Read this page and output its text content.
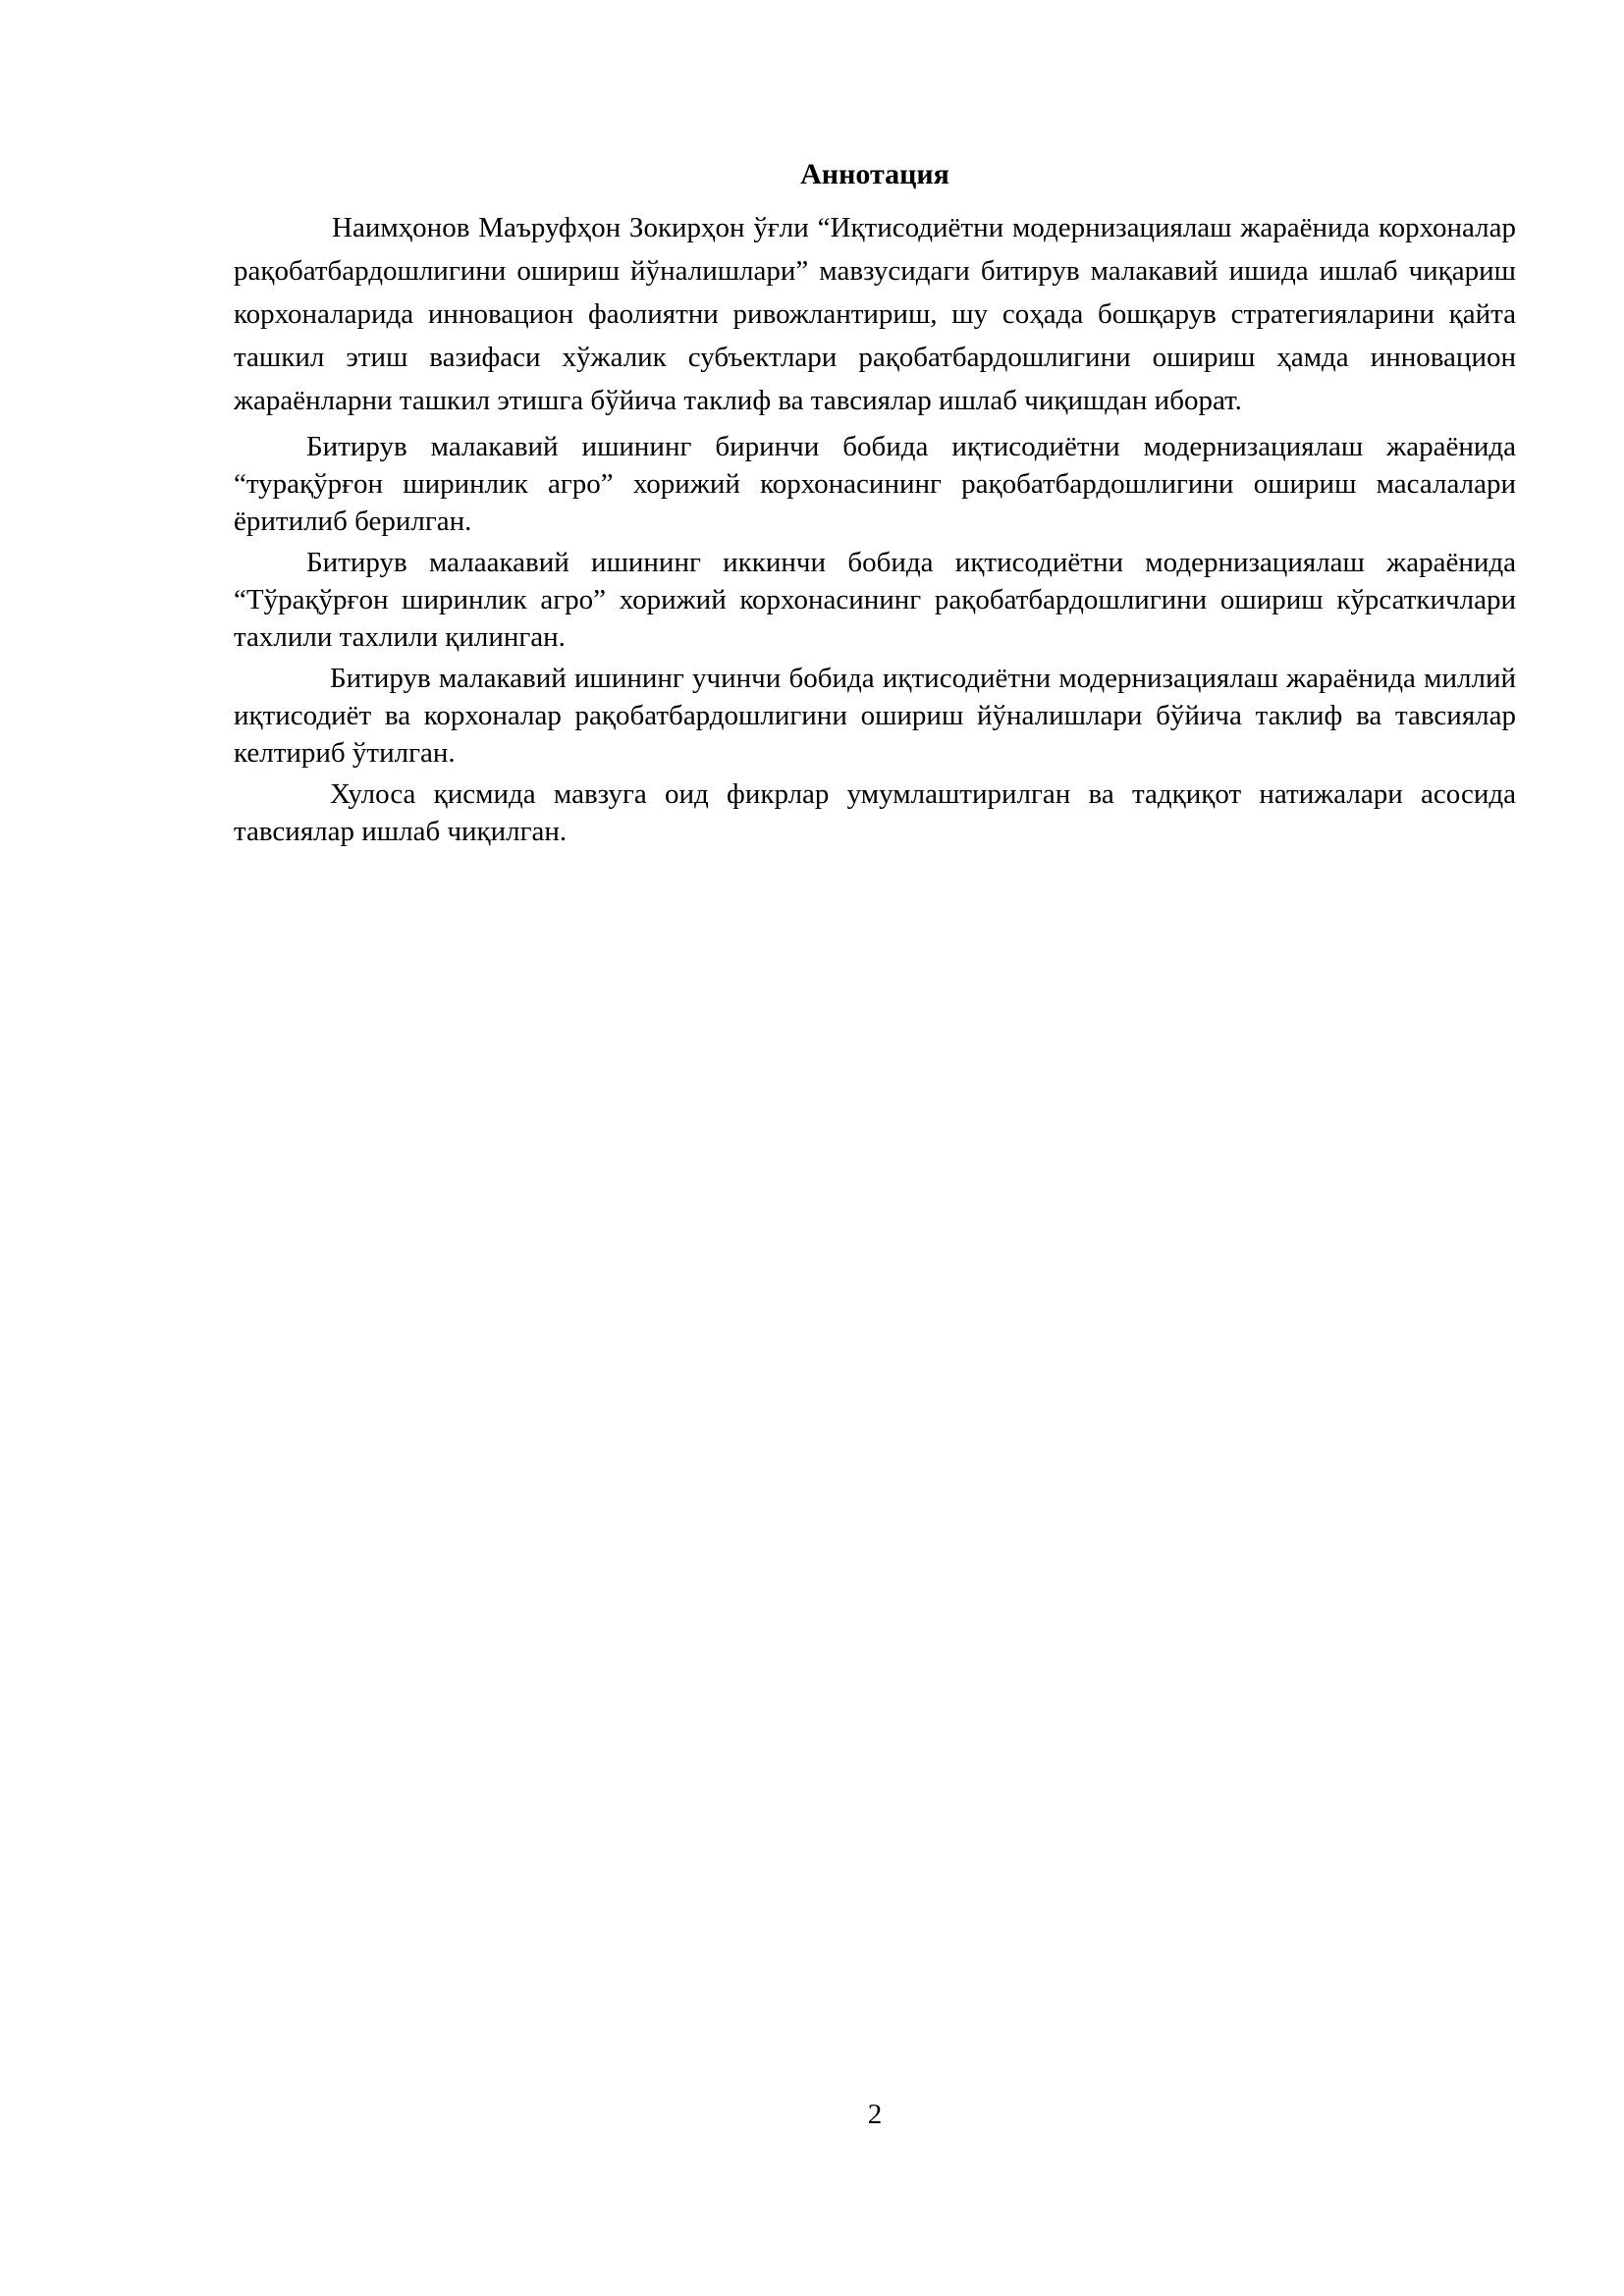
Аннотация

Наимҳонов Маъруфҳон Зокирҳон ўғли “Иқтисодиётни модернизациялаш жараёнида корхоналар рақобатбардошлигини ошириш йўналишлари” мавзусидаги битирув малакавий ишида ишлаб чиқариш корхоналарида инновацион фаолиятни ривожлантириш, шу соҳада бошқарув стратегияларини қайта ташкил этиш вазифаси хўжалик субъектлари рақобатбардошлигини ошириш ҳамда инновацион жараёнларни ташкил этишга бўйича таклиф ва тавсиялар ишлаб чиқишдан иборат.

Битирув малакавий ишининг биринчи бобида иқтисодиётни модернизациялаш жараёнида “турақўрғон ширинлик агро” хорижий корхонасининг рақобатбардошлигини ошириш масалалари ёритилиб берилган.

Битирув малаакавий ишининг иккинчи бобида иқтисодиётни модернизациялаш жараёнида “Тўрақўрғон ширинлик агро” хорижий корхонасининг рақобатбардошлигини ошириш кўрсаткичлари тахлили тахлили қилинган.

Битирув малакавий ишининг учинчи бобида иқтисодиётни модернизациялаш жараёнида миллий иқтисодиёт ва корхоналар рақобатбардошлигини ошириш йўналишлари бўйича таклиф ва тавсиялар келтириб ўтилган.

Хулоса қисмида мавзуга оид фикрлар умумлаштирилган ва тадқиқот натижалари асосида тавсиялар ишлаб чиқилган.

2
